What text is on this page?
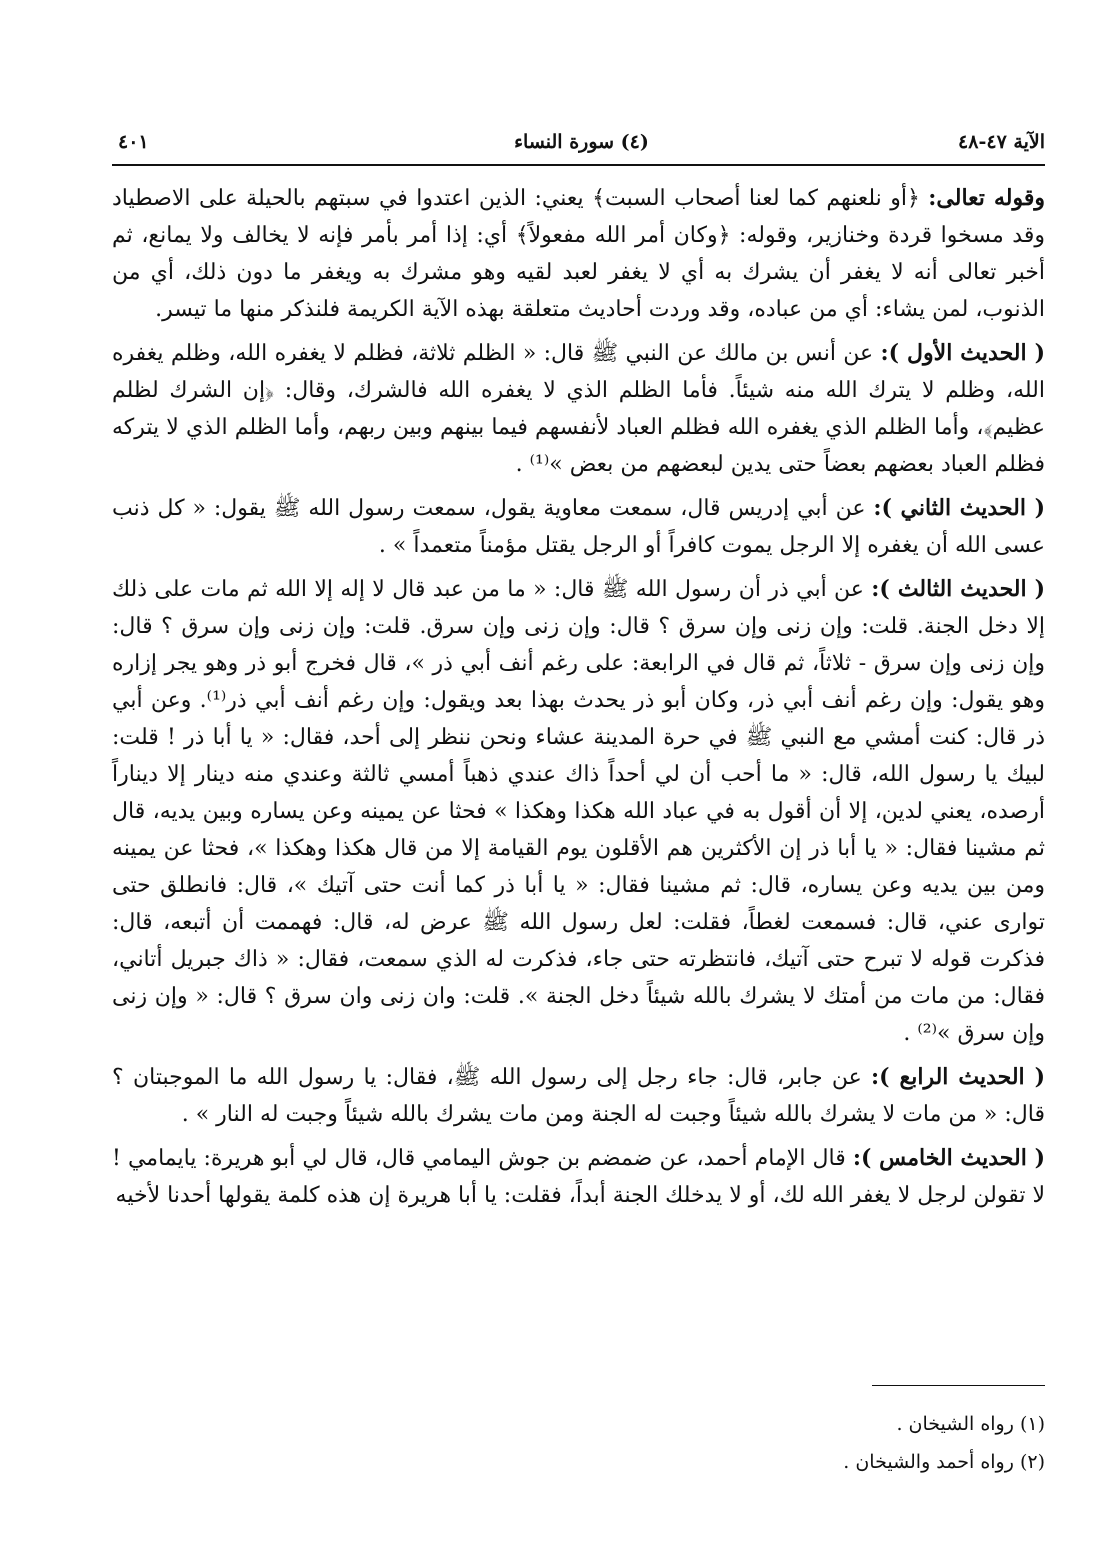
الآية ٤٧-٤٨
(٤) سورة النساء
٤٠١

وقوله تعالى: ﴿أو نلعنهم كما لعنا أصحاب السبت﴾ يعني: الذين اعتدوا في سبتهم بالحيلة على الاصطياد وقد مسخوا قردة وخنازير، وقوله: ﴿وكان أمر الله مفعولاً﴾ أي: إذا أمر بأمر فإنه لا يخالف ولا يمانع، ثم أخبر تعالى أنه لا يغفر أن يشرك به أي لا يغفر لعبد لقيه وهو مشرك به ويغفر ما دون ذلك، أي من الذنوب، لمن يشاء: أي من عباده، وقد وردت أحاديث متعلقة بهذه الآية الكريمة فلنذكر منها ما تيسر.

( الحديث الأول ): عن أنس بن مالك عن النبي ﷺ قال: « الظلم ثلاثة، فظلم لا يغفره الله، وظلم يغفره الله، وظلم لا يترك الله منه شيئاً. فأما الظلم الذي لا يغفره الله فالشرك، وقال: ﴿إن الشرك لظلم عظيم﴾، وأما الظلم الذي يغفره الله فظلم العباد لأنفسهم فيما بينهم وبين ربهم، وأما الظلم الذي لا يتركه فظلم العباد بعضهم بعضاً حتى يدين لبعضهم من بعض »⁽¹⁾ .

( الحديث الثاني ): عن أبي إدريس قال، سمعت معاوية يقول، سمعت رسول الله ﷺ يقول: « كل ذنب عسى الله أن يغفره إلا الرجل يموت كافراً أو الرجل يقتل مؤمناً متعمداً » .

( الحديث الثالث ): عن أبي ذر أن رسول الله ﷺ قال: « ما من عبد قال لا إله إلا الله ثم مات على ذلك إلا دخل الجنة. قلت: وإن زنى وإن سرق ؟ قال: وإن زنى وإن سرق. قلت: وإن زنى وإن سرق ؟ قال: وإن زنى وإن سرق - ثلاثاً، ثم قال في الرابعة: على رغم أنف أبي ذر »، قال فخرج أبو ذر وهو يجر إزاره وهو يقول: وإن رغم أنف أبي ذر، وكان أبو ذر يحدث بهذا بعد ويقول: وإن رغم أنف أبي ذر⁽¹⁾. وعن أبي ذر قال: كنت أمشي مع النبي ﷺ في حرة المدينة عشاء ونحن ننظر إلى أحد، فقال: « يا أبا ذر ! قلت: لبيك يا رسول الله، قال: « ما أحب أن لي أحداً ذاك عندي ذهباً أمسي ثالثة وعندي منه دينار إلا ديناراً أرصده، يعني لدين، إلا أن أقول به في عباد الله هكذا وهكذا » فحثا عن يمينه وعن يساره وبين يديه، قال ثم مشينا فقال: « يا أبا ذر إن الأكثرين هم الأقلون يوم القيامة إلا من قال هكذا وهكذا »، فحثا عن يمينه ومن بين يديه وعن يساره، قال: ثم مشينا فقال: « يا أبا ذر كما أنت حتى آتيك »، قال: فانطلق حتى توارى عني، قال: فسمعت لغطاً، فقلت: لعل رسول الله ﷺ عرض له، قال: فهممت أن أتبعه، قال: فذكرت قوله لا تبرح حتى آتيك، فانتظرته حتى جاء، فذكرت له الذي سمعت، فقال: « ذاك جبريل أتاني، فقال: من مات من أمتك لا يشرك بالله شيئاً دخل الجنة ». قلت: وان زنى وان سرق ؟ قال: « وإن زنى وإن سرق »⁽²⁾ .

( الحديث الرابع ): عن جابر، قال: جاء رجل إلى رسول الله ﷺ، فقال: يا رسول الله ما الموجبتان ؟ قال: « من مات لا يشرك بالله شيئاً وجبت له الجنة ومن مات يشرك بالله شيئاً وجبت له النار » .

( الحديث الخامس ): قال الإمام أحمد، عن ضمضم بن جوش اليمامي قال، قال لي أبو هريرة: يايمامي ! لا تقولن لرجل لا يغفر الله لك، أو لا يدخلك الجنة أبداً، فقلت: يا أبا هريرة إن هذه كلمة يقولها أحدنا لأخيه

(١) رواه الشيخان .
(٢) رواه أحمد والشيخان .
